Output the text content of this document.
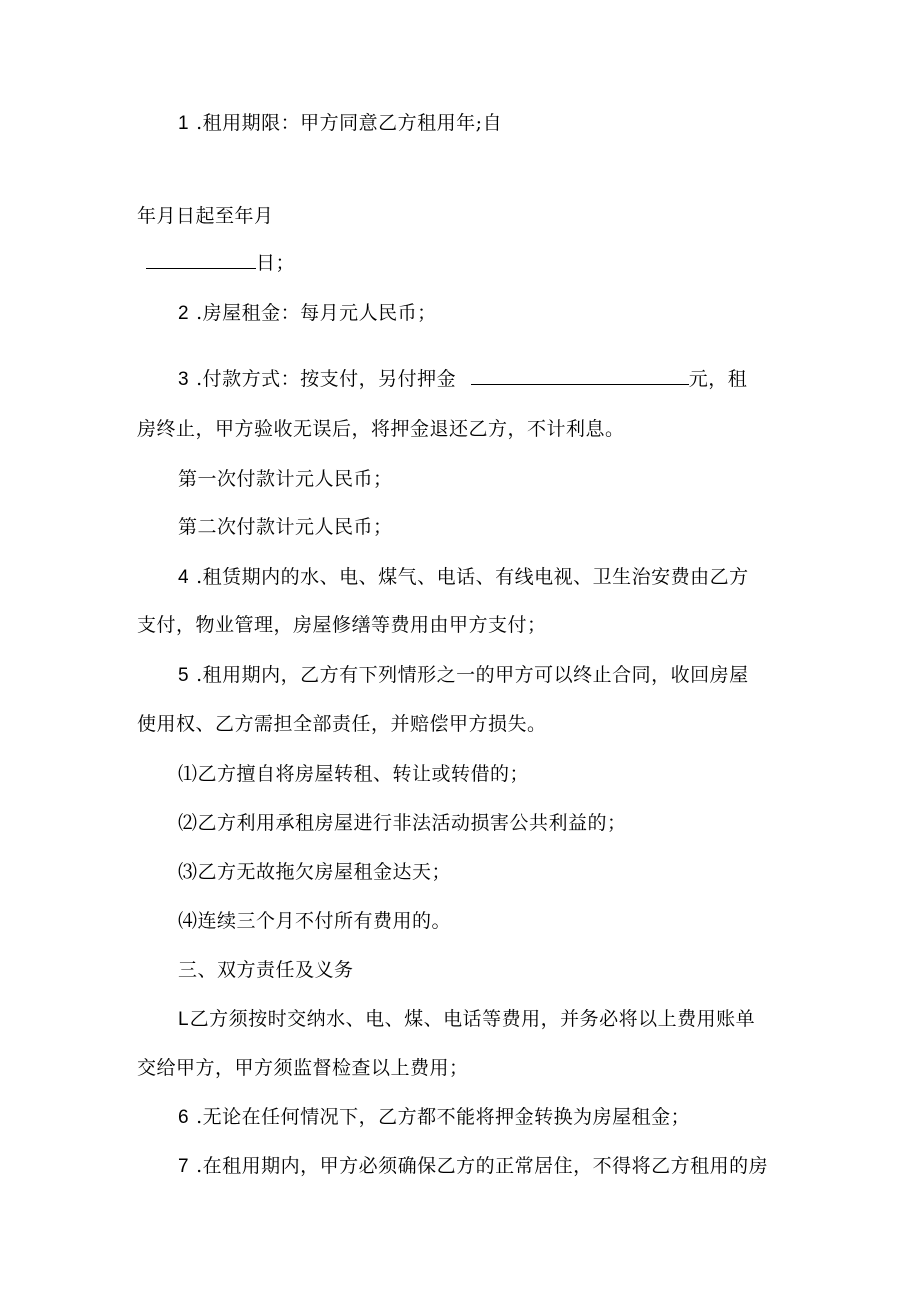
1 .租用期限：甲方同意乙方租用年;自

年月日起至年月

日；

2 .房屋租金：每月元人民币；

3 .付款方式：按支付，另付押金	元，租

房终止，甲方验收无误后，将押金退还乙方，不计利息。

第一次付款计元人民币；

第二次付款计元人民币；

4 .租赁期内的水、电、煤气、电话、有线电视、卫生治安费由乙方

支付，物业管理，房屋修缮等费用由甲方支付；

5 .租用期内，乙方有下列情形之一的甲方可以终止合同，收回房屋

使用权、乙方需担全部责任，并赔偿甲方损失。

⑴乙方擅自将房屋转租、转让或转借的；

⑵乙方利用承租房屋进行非法活动损害公共利益的；

⑶乙方无故拖欠房屋租金达天；

⑷连续三个月不付所有费用的。

三、双方责任及义务

L乙方须按时交纳水、电、煤、电话等费用，并务必将以上费用账单

交给甲方，甲方须监督检查以上费用；

6 .无论在任何情况下，乙方都不能将押金转换为房屋租金；

7 .在租用期内，甲方必须确保乙方的正常居住，不得将乙方租用的房
